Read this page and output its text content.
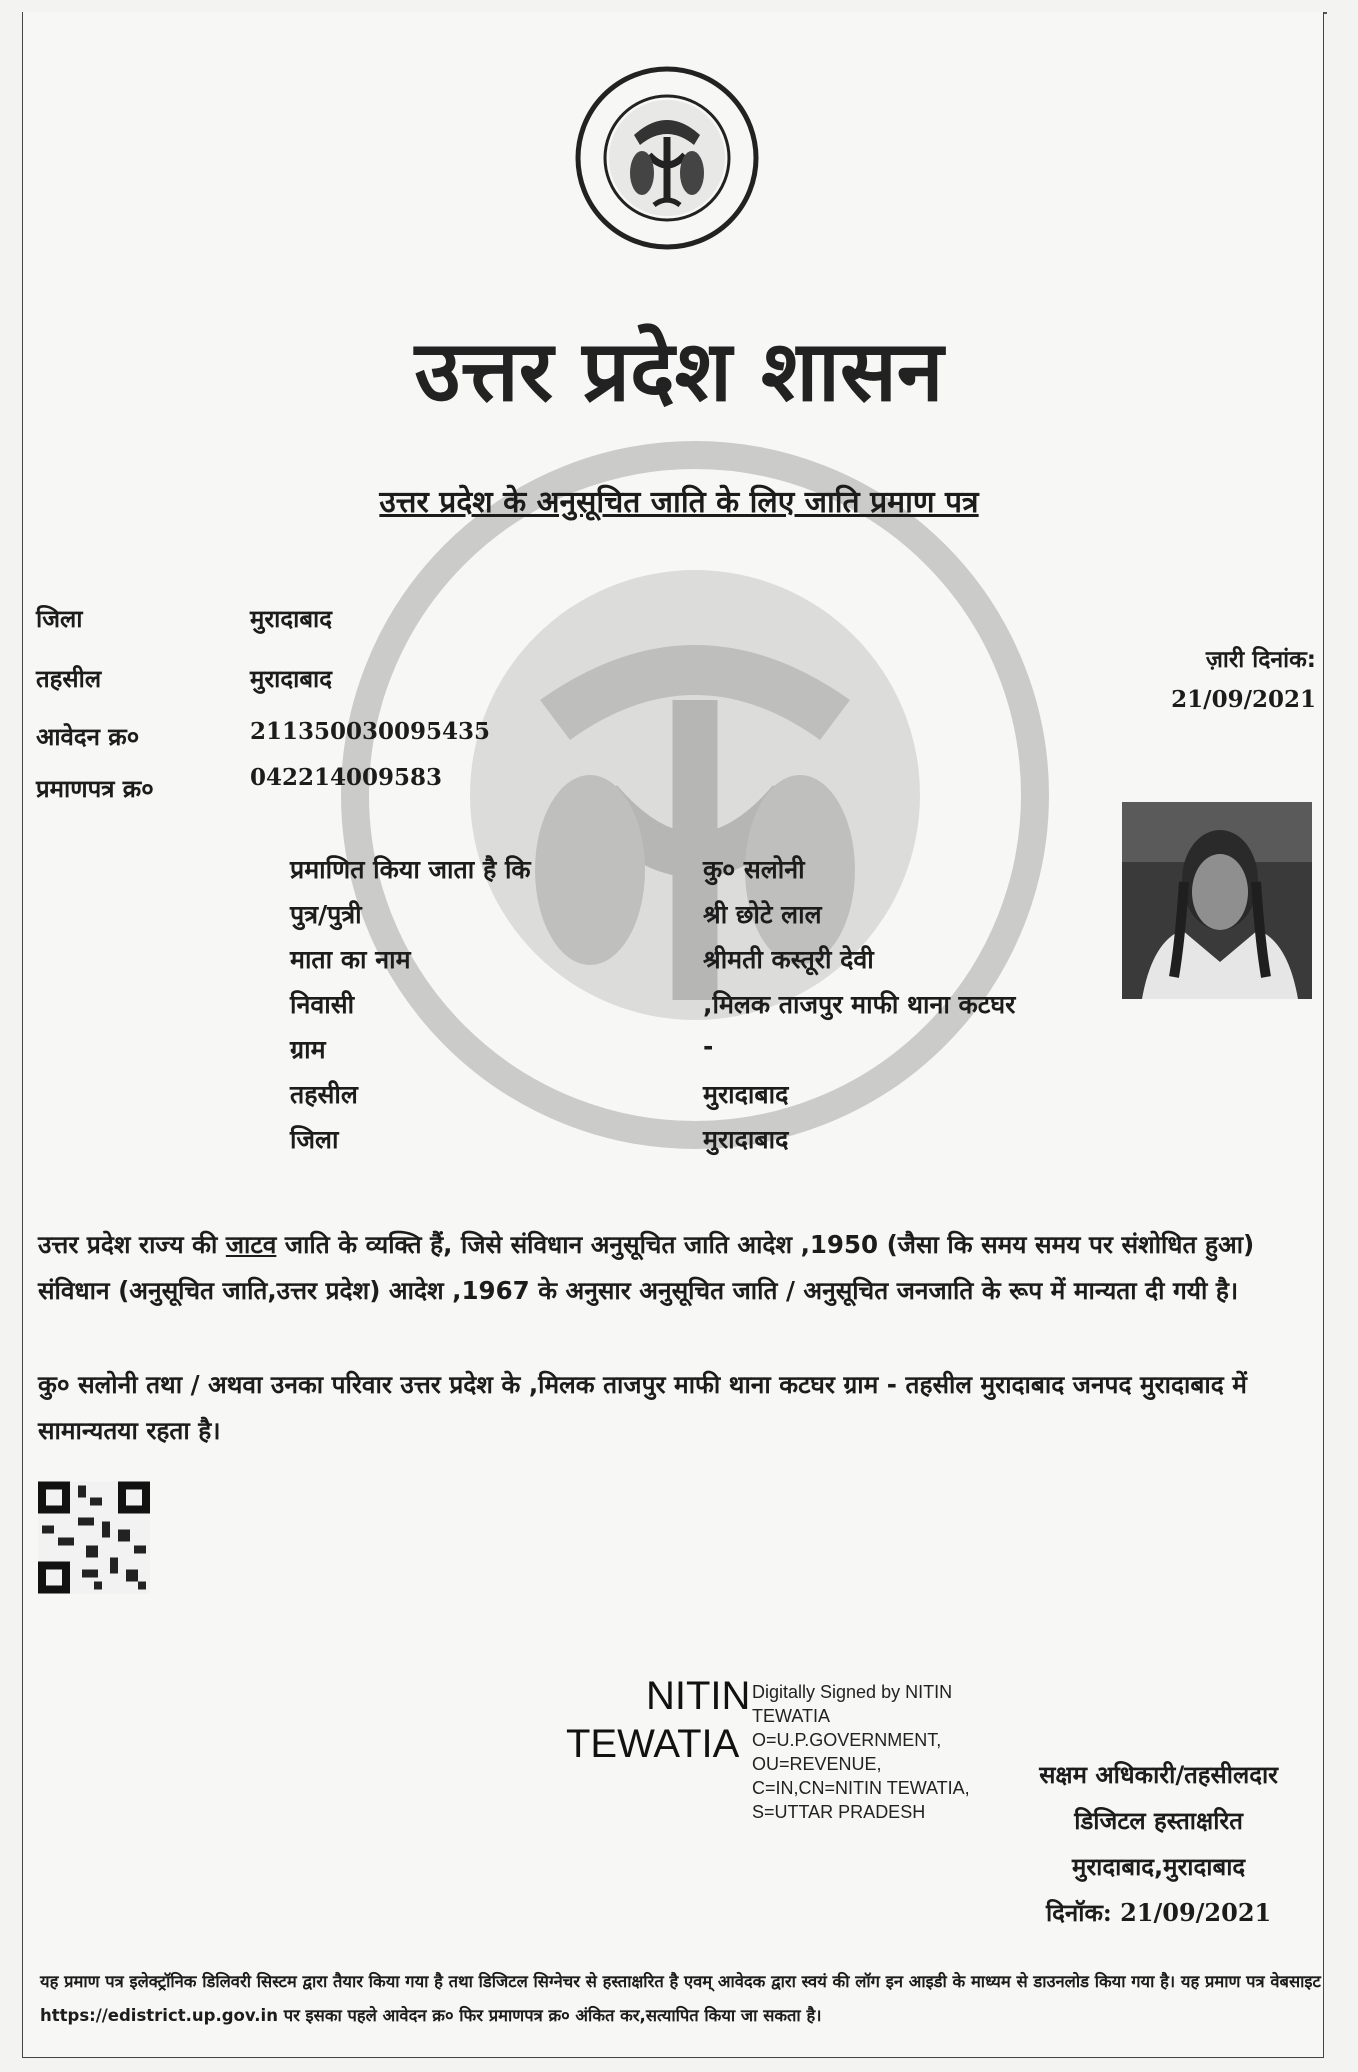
उत्तर प्रदेश शासन
उत्तर प्रदेश के अनुसूचित जाति के लिए जाति प्रमाण पत्र
जिला	मुरादाबाद
तहसील	मुरादाबाद
आवेदन क्र०	211350030095435
प्रमाणपत्र क्र०	042214009583
ज़ारी दिनांक:
21/09/2021
प्रमाणित किया जाता है कि	कु० सलोनी
पुत्र/पुत्री	श्री छोटे लाल
माता का नाम	श्रीमती कस्तूरी देवी
निवासी	,मिलक ताजपुर माफी थाना कटघर
ग्राम	-
तहसील	मुरादाबाद
जिला	मुरादाबाद
उत्तर प्रदेश राज्य की जाटव जाति के व्यक्ति हैं, जिसे संविधान अनुसूचित जाति आदेश ,1950 (जैसा कि समय समय पर संशोधित हुआ) संविधान (अनुसूचित जाति,उत्तर प्रदेश) आदेश ,1967 के अनुसार अनुसूचित जाति / अनुसूचित जनजाति के रूप में मान्यता दी गयी है।
कु० सलोनी तथा / अथवा उनका परिवार उत्तर प्रदेश के ,मिलक ताजपुर माफी थाना कटघर ग्राम - तहसील मुरादाबाद जनपद मुरादाबाद में सामान्यतया रहता है।
NITIN
TEWATIA
Digitally Signed by NITIN TEWATIA O=U.P.GOVERNMENT, OU=REVENUE, C=IN,CN=NITIN TEWATIA, S=UTTAR PRADESH
सक्षम अधिकारी/तहसीलदार
डिजिटल हस्ताक्षरित
मुरादाबाद,मुरादाबाद
दिनॉक: 21/09/2021
यह प्रमाण पत्र इलेक्ट्रॉनिक डिलिवरी सिस्टम द्वारा तैयार किया गया है तथा डिजिटल सिग्नेचर से हस्ताक्षरित है एवम् आवेदक द्वारा स्वयं की लॉग इन आइडी के माध्यम से डाउनलोड किया गया है। यह प्रमाण पत्र वेबसाइट https://edistrict.up.gov.in पर इसका पहले आवेदन क्र० फिर प्रमाणपत्र क्र० अंकित कर,सत्यापित किया जा सकता है।
